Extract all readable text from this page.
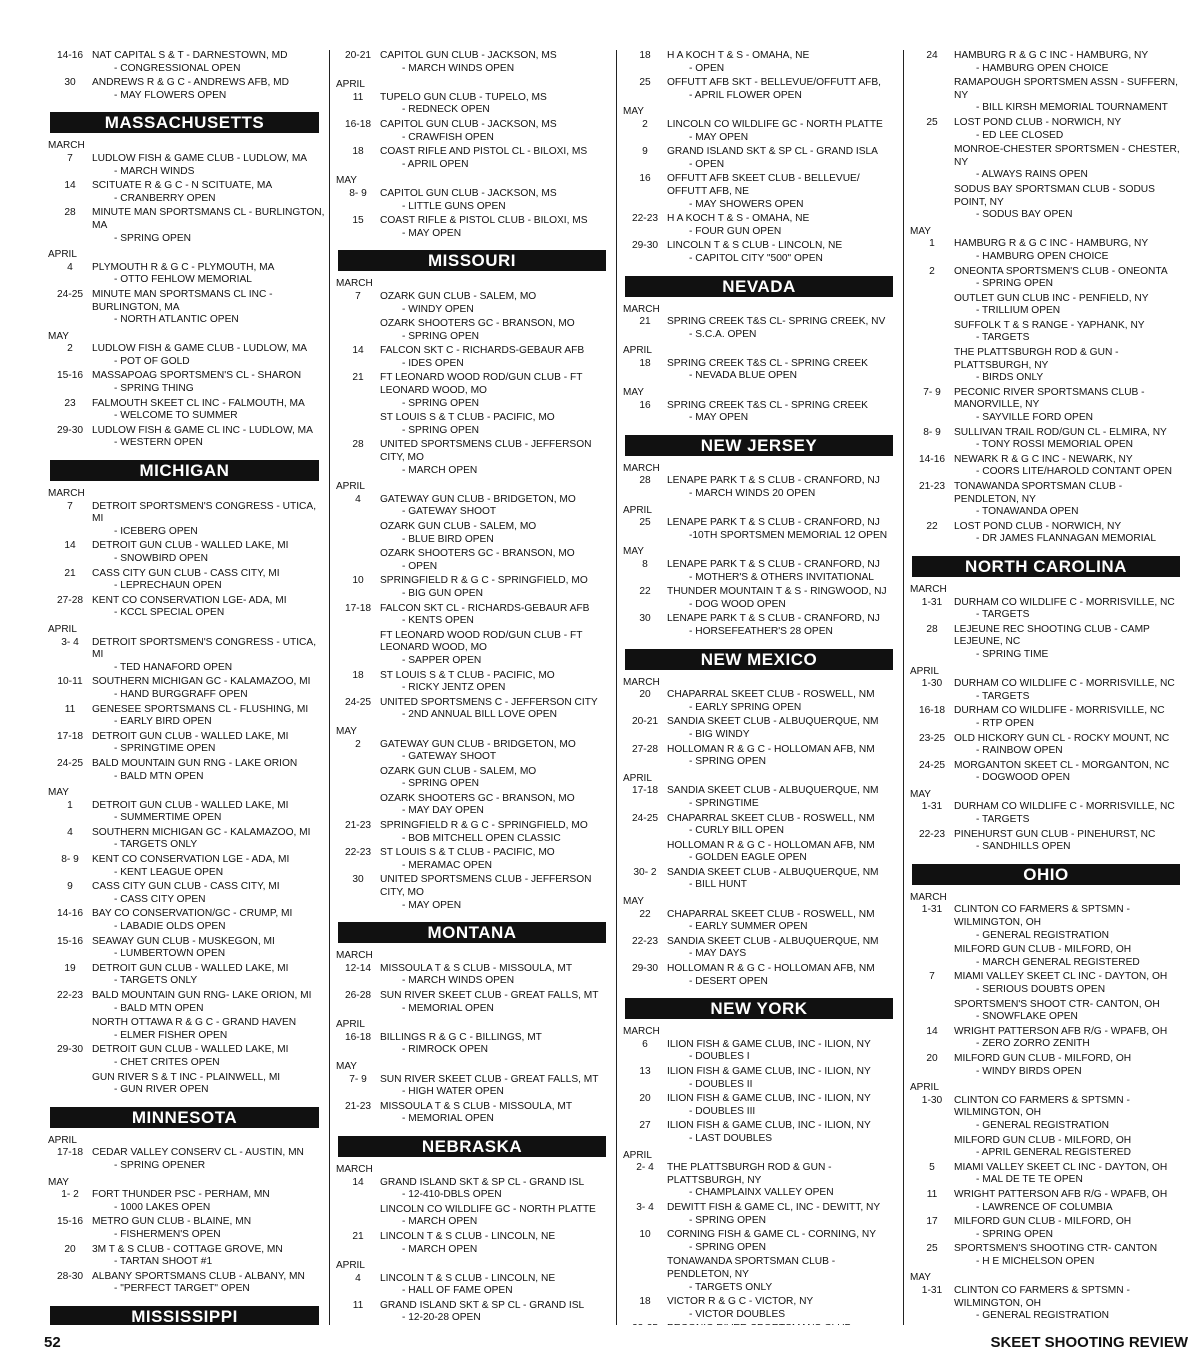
14-16 NAT CAPITAL S & T - DARNESTOWN, MD
- CONGRESSIONAL OPEN
30	ANDREWS R & G C - ANDREWS AFB, MD
- MAY FLOWERS OPEN
MASSACHUSETTS
MARCH
7	LUDLOW FISH & GAME CLUB - LUDLOW, MA
- MARCH WINDS
14	SCITUATE R & G C - N SCITUATE, MA
- CRANBERRY OPEN
28	MINUTE MAN SPORTSMANS CL - BURLINGTON, MA
- SPRING OPEN
APRIL
4	PLYMOUTH R & G C - PLYMOUTH, MA
- OTTO FEHLOW MEMORIAL
24-25 MINUTE MAN SPORTSMANS CL INC - BURLINGTON, MA
- NORTH ATLANTIC OPEN
MAY
2	LUDLOW FISH & GAME CLUB - LUDLOW, MA
- POT OF GOLD
15-16 MASSAPOAG SPORTSMEN'S CL - SHARON
- SPRING THING
23	FALMOUTH SKEET CL INC - FALMOUTH, MA
- WELCOME TO SUMMER
29-30 LUDLOW FISH & GAME CL INC - LUDLOW, MA
- WESTERN OPEN
MICHIGAN
MARCH
7	DETROIT SPORTSMEN'S CONGRESS - UTICA, MI
- ICEBERG OPEN
14	DETROIT GUN CLUB - WALLED LAKE, MI
- SNOWBIRD OPEN
21	CASS CITY GUN CLUB - CASS CITY, MI
- LEPRECHAUN OPEN
27-28 KENT CO CONSERVATION LGE- ADA, MI
- KCCL SPECIAL OPEN
APRIL
3- 4	DETROIT SPORTSMEN'S CONGRESS - UTICA, MI
- TED HANAFORD OPEN
10-11 SOUTHERN MICHIGAN GC - KALAMAZOO, MI
- HAND BURGGRAFF OPEN
11	GENESEE SPORTSMANS CL - FLUSHING, MI
- EARLY BIRD OPEN
17-18 DETROIT GUN CLUB - WALLED LAKE, MI
- SPRINGTIME OPEN
24-25 BALD MOUNTAIN GUN RNG - LAKE ORION
- BALD MTN OPEN
MAY
1	DETROIT GUN CLUB - WALLED LAKE, MI
- SUMMERTIME OPEN
4	SOUTHERN MICHIGAN GC - KALAMAZOO, MI
- TARGETS ONLY
8- 9	KENT CO CONSERVATION LGE - ADA, MI
- KENT LEAGUE OPEN
9	CASS CITY GUN CLUB - CASS CITY, MI
- CASS CITY OPEN
14-16 BAY CO CONSERVATION/GC - CRUMP, MI
- LABADIE OLDS OPEN
15-16 SEAWAY GUN CLUB - MUSKEGON, MI
- LUMBERTOWN OPEN
19	DETROIT GUN CLUB - WALLED LAKE, MI
- TARGETS ONLY
22-23 BALD MOUNTAIN GUN RNG- LAKE ORION, MI
- BALD MTN OPEN
NORTH OTTAWA R & G C - GRAND HAVEN
- ELMER FISHER OPEN
29-30 DETROIT GUN CLUB - WALLED LAKE, MI
- CHET CRITES OPEN
GUN RIVER S & T INC - PLAINWELL, MI
- GUN RIVER OPEN
MINNESOTA
APRIL
17-18 CEDAR VALLEY CONSERV CL - AUSTIN, MN
- SPRING OPENER
MAY
1- 2	FORT THUNDER PSC - PERHAM, MN
- 1000 LAKES OPEN
15-16 METRO GUN CLUB - BLAINE, MN
- FISHERMEN'S OPEN
20	3M T & S CLUB - COTTAGE GROVE, MN
- TARTAN SHOOT #1
28-30 ALBANY SPORTSMANS CLUB - ALBANY, MN
- "PERFECT TARGET" OPEN
MISSISSIPPI
20-21 CAPITOL GUN CLUB - JACKSON, MS
- MARCH WINDS OPEN
APRIL
11	TUPELO GUN CLUB - TUPELO, MS
- REDNECK OPEN
16-18 CAPITOL GUN CLUB - JACKSON, MS
- CRAWFISH OPEN
18	COAST RIFLE AND PISTOL CL - BILOXI, MS
- APRIL OPEN
MAY
8- 9	CAPITOL GUN CLUB - JACKSON, MS
- LITTLE GUNS OPEN
15	COAST RIFLE & PISTOL CLUB - BILOXI, MS
- MAY OPEN
MISSOURI
MARCH
7	OZARK GUN CLUB - SALEM, MO
- WINDY OPEN
OZARK SHOOTERS GC - BRANSON, MO
- SPRING OPEN
14	FALCON SKT C - RICHARDS-GEBAUR AFB
- IDES OPEN
21	FT LEONARD WOOD ROD/GUN CLUB - FT LEONARD WOOD, MO
- SPRING OPEN
ST LOUIS S & T CLUB - PACIFIC, MO
- SPRING OPEN
28	UNITED SPORTSMENS CLUB - JEFFERSON CITY, MO
- MARCH OPEN
APRIL
4	GATEWAY GUN CLUB - BRIDGETON, MO
- GATEWAY SHOOT
OZARK GUN CLUB - SALEM, MO
- BLUE BIRD OPEN
OZARK SHOOTERS GC - BRANSON, MO
- OPEN
10	SPRINGFIELD R & G C - SPRINGFIELD, MO
- BIG GUN OPEN
17-18 FALCON SKT CL - RICHARDS-GEBAUR AFB
- KENTS OPEN
FT LEONARD WOOD ROD/GUN CLUB - FT LEONARD WOOD, MO
- SAPPER OPEN
18	ST LOUIS S & T CLUB - PACIFIC, MO
- RICKY JENTZ OPEN
24-25 UNITED SPORTSMENS C - JEFFERSON CITY
- 2ND ANNUAL BILL LOVE OPEN
MAY
2	GATEWAY GUN CLUB - BRIDGETON, MO
- GATEWAY SHOOT
OZARK GUN CLUB - SALEM, MO
- SPRING OPEN
OZARK SHOOTERS GC - BRANSON, MO
- MAY DAY OPEN
21-23 SPRINGFIELD R & G C - SPRINGFIELD, MO
- BOB MITCHELL OPEN CLASSIC
22-23 ST LOUIS S & T CLUB - PACIFIC, MO
- MERAMAC OPEN
30	UNITED SPORTSMENS CLUB - JEFFERSON CITY, MO
- MAY OPEN
MONTANA
MARCH
12-14 MISSOULA T & S CLUB - MISSOULA, MT
- MARCH WINDS OPEN
26-28 SUN RIVER SKEET CLUB - GREAT FALLS, MT
- MEMORIAL OPEN
APRIL
16-18 BILLINGS R & G C - BILLINGS, MT
- RIMROCK OPEN
MAY
7- 9	SUN RIVER SKEET CLUB - GREAT FALLS, MT
- HIGH WATER OPEN
21-23 MISSOULA T & S CLUB - MISSOULA, MT
- MEMORIAL OPEN
NEBRASKA
MARCH
14	GRAND ISLAND SKT & SP CL - GRAND ISL
- 12-410-DBLS OPEN
LINCOLN CO WILDLIFE GC - NORTH PLATTE
- MARCH OPEN
21	LINCOLN T & S CLUB - LINCOLN, NE
- MARCH OPEN
APRIL
4	LINCOLN T & S CLUB - LINCOLN, NE
- HALL OF FAME OPEN
11	GRAND ISLAND SKT & SP CL - GRAND ISL
- 12-20-28 OPEN
18	H A KOCH T & S - OMAHA, NE
- OPEN
25	OFFUTT AFB SKT - BELLEVUE/OFFUTT AFB,
- APRIL FLOWER OPEN
MAY
2	LINCOLN CO WILDLIFE GC - NORTH PLATTE
- MAY OPEN
9	GRAND ISLAND SKT & SP CL - GRAND ISLA
- OPEN
16	OFFUTT AFB SKEET CLUB - BELLEVUE/ OFFUTT AFB, NE
- MAY SHOWERS OPEN
22-23 H A KOCH T & S - OMAHA, NE
- FOUR GUN OPEN
29-30 LINCOLN T & S CLUB - LINCOLN, NE
- CAPITOL CITY "500" OPEN
NEVADA
MARCH
21	SPRING CREEK T&S CL- SPRING CREEK, NV
- S.C.A. OPEN
APRIL
18	SPRING CREEK T&S CL - SPRING CREEK
- NEVADA BLUE OPEN
MAY
16	SPRING CREEK T&S CL - SPRING CREEK
- MAY OPEN
NEW JERSEY
MARCH
28	LENAPE PARK T & S CLUB - CRANFORD, NJ
- MARCH WINDS 20 OPEN
APRIL
25	LENAPE PARK T & S CLUB - CRANFORD, NJ
-10TH SPORTSMEN MEMORIAL 12 OPEN
MAY
8	LENAPE PARK T & S CLUB - CRANFORD, NJ
- MOTHER'S & OTHERS INVITATIONAL
22	THUNDER MOUNTAIN T & S - RINGWOOD, NJ
- DOG WOOD OPEN
30	LENAPE PARK T & S CLUB - CRANFORD, NJ
- HORSEFEATHER'S 28 OPEN
NEW MEXICO
MARCH
20	CHAPARRAL SKEET CLUB - ROSWELL, NM
- EARLY SPRING OPEN
20-21 SANDIA SKEET CLUB - ALBUQUERQUE, NM
- BIG WINDY
27-28 HOLLOMAN R & G C - HOLLOMAN AFB, NM
- SPRING OPEN
APRIL
17-18 SANDIA SKEET CLUB - ALBUQUERQUE, NM
- SPRINGTIME
24-25 CHAPARRAL SKEET CLUB - ROSWELL, NM
- CURLY BILL OPEN
HOLLOMAN R & G C - HOLLOMAN AFB, NM
- GOLDEN EAGLE OPEN
30- 2	SANDIA SKEET CLUB - ALBUQUERQUE, NM
- BILL HUNT
MAY
22	CHAPARRAL SKEET CLUB - ROSWELL, NM
- EARLY SUMMER OPEN
22-23 SANDIA SKEET CLUB - ALBUQUERQUE, NM
- MAY DAYS
29-30 HOLLOMAN R & G C - HOLLOMAN AFB, NM
- DESERT OPEN
NEW YORK
MARCH
6	ILION FISH & GAME CLUB, INC - ILION, NY
- DOUBLES I
13	ILION FISH & GAME CLUB, INC - ILION, NY
- DOUBLES II
20	ILION FISH & GAME CLUB, INC - ILION, NY
- DOUBLES III
27	ILION FISH & GAME CLUB, INC - ILION, NY
- LAST DOUBLES
APRIL
2- 4	THE PLATTSBURGH ROD & GUN - PLATTSBURGH, NY
- CHAMPLAINX VALLEY OPEN
3- 4	DEWITT FISH & GAME CL, INC - DEWITT, NY
- SPRING OPEN
10	CORNING FISH & GAME CL - CORNING, NY
- SPRING OPEN
TONAWANDA SPORTSMAN CLUB - PENDLETON, NY
- TARGETS ONLY
18	VICTOR R & G C - VICTOR, NY
- VICTOR DOUBLES
24	HAMBURG R & G C INC - HAMBURG, NY
- HAMBURG OPEN CHOICE
RAMAPOUGH SPORTSMEN ASSN - SUFFERN, NY
- BILL KIRSH MEMORIAL TOURNAMENT
25	LOST POND CLUB - NORWICH, NY
- ED LEE CLOSED
MONROE-CHESTER SPORTSMEN - CHESTER, NY
- ALWAYS RAINS OPEN
SODUS BAY SPORTSMAN CLUB - SODUS POINT, NY
- SODUS BAY OPEN
MAY
1	HAMBURG R & G C INC - HAMBURG, NY
- HAMBURG OPEN CHOICE
2	ONEONTA SPORTSMEN'S CLUB - ONEONTA
- SPRING OPEN
OUTLET GUN CLUB INC - PENFIELD, NY
- TRILLIUM OPEN
SUFFOLK T & S RANGE - YAPHANK, NY
- TARGETS
THE PLATTSBURGH ROD & GUN - PLATTSBURGH, NY
- BIRDS ONLY
7- 9	PECONIC RIVER SPORTSMANS CLUB - MANORVILLE, NY
- SAYVILLE FORD OPEN
8- 9	SULLIVAN TRAIL ROD/GUN CL - ELMIRA, NY
- TONY ROSSI MEMORIAL OPEN
14-16 NEWARK R & G C INC - NEWARK, NY
- COORS LITE/HAROLD CONTANT OPEN
21-23 TONAWANDA SPORTSMAN CLUB - PENDLETON, NY
- TONAWANDA OPEN
22	LOST POND CLUB - NORWICH, NY
- DR JAMES FLANNAGAN MEMORIAL
NORTH CAROLINA
MARCH
1-31	DURHAM CO WILDLIFE C - MORRISVILLE, NC
- TARGETS
28	LEJEUNE REC SHOOTING CLUB - CAMP LEJEUNE, NC
- SPRING TIME
APRIL
1-30	DURHAM CO WILDLIFE C - MORRISVILLE, NC
- TARGETS
16-18 DURHAM CO WILDLIFE - MORRISVILLE, NC
- RTP OPEN
23-25 OLD HICKORY GUN CL - ROCKY MOUNT, NC
- RAINBOW OPEN
24-25 MORGANTON SKEET CL - MORGANTON, NC
- DOGWOOD OPEN
MAY
1-31	DURHAM CO WILDLIFE C - MORRISVILLE, NC
- TARGETS
22-23 PINEHURST GUN CLUB - PINEHURST, NC
- SANDHILLS OPEN
OHIO
MARCH
1-31	CLINTON CO FARMERS & SPTSMN - WILMINGTON, OH
- GENERAL REGISTRATION
MILFORD GUN CLUB - MILFORD, OH
- MARCH GENERAL REGISTERED
7	MIAMI VALLEY SKEET CL INC - DAYTON, OH
- SERIOUS DOUBTS OPEN
SPORTSMEN'S SHOOT CTR- CANTON, OH
- SNOWFLAKE OPEN
14	WRIGHT PATTERSON AFB R/G - WPAFB, OH
- ZERO ZORRO ZENITH
20	MILFORD GUN CLUB - MILFORD, OH
- WINDY BIRDS OPEN
APRIL
1-30	CLINTON CO FARMERS & SPTSMN - WILMINGTON, OH
- GENERAL REGISTRATION
MILFORD GUN CLUB - MILFORD, OH
- APRIL GENERAL REGISTERED
5	MIAMI VALLEY SKEET CL INC - DAYTON, OH
- MAL DE TE TE OPEN
11	WRIGHT PATTERSON AFB R/G - WPAFB, OH
- LAWRENCE OF COLUMBIA
17	MILFORD GUN CLUB - MILFORD, OH
- SPRING OPEN
25	SPORTSMEN'S SHOOTING CTR- CANTON
- H E MICHELSON OPEN
MAY
1-31	CLINTON CO FARMERS & SPTSMN - WILMINGTON, OH
- GENERAL REGISTRATION
52	SKEET SHOOTING REVIEW
